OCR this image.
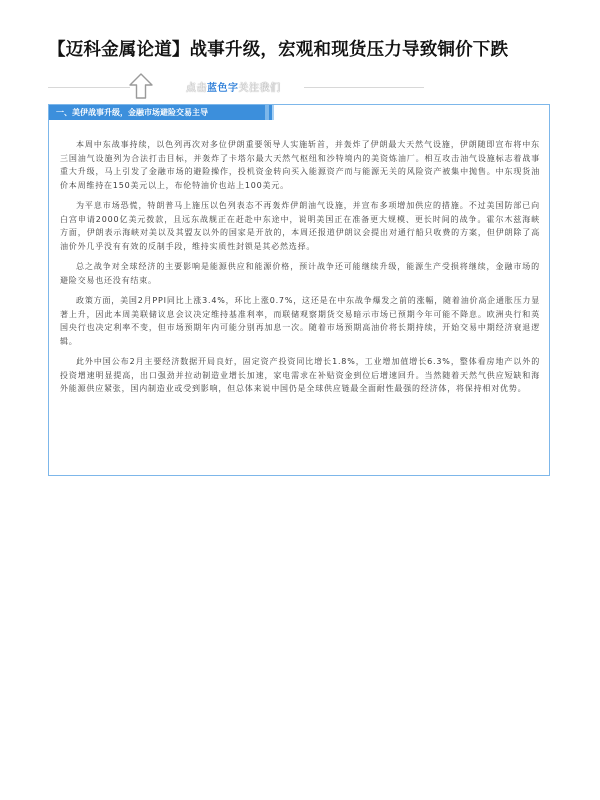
【迈科金属论道】战事升级，宏观和现货压力导致铜价下跌
点击蓝色字关注我们
一、美伊战事升级，金融市场避险交易主导

本周中东战事持续，以色列再次对多位伊朗重要领导人实施斩首，并轰炸了伊朗最大天然气设施，伊朗随即宣布将中东三国油气设施列为合法打击目标，并轰炸了卡塔尔最大天然气枢纽和沙特境内的美资炼油厂。相互攻击油气设施标志着战事重大升级，马上引发了金融市场的避险操作，投机资金转向买入能源资产而与能源无关的风险资产被集中抛售。中东现货油价本周维持在150美元以上，布伦特油价也站上100美元。

为平息市场恐慌，特朗普马上施压以色列表态不再轰炸伊朗油气设施，并宣布多项增加供应的措施。不过美国防部已向白宫申请2000亿美元拨款，且远东战舰正在赶赴中东途中，说明美国正在准备更大规模、更长时间的战争。霍尔木兹海峡方面，伊朗表示海峡对美以及其盟友以外的国家是开放的，本周还报道伊朗议会提出对通行船只收费的方案，但伊朗除了高油价外几乎没有有效的反制手段，维持实质性封锁是其必然选择。

总之战争对全球经济的主要影响是能源供应和能源价格，预计战争还可能继续升级，能源生产受损将继续，金融市场的避险交易也还没有结束。

政策方面，美国2月PPI同比上涨3.4%，环比上涨0.7%，这还是在中东战争爆发之前的涨幅，随着油价高企通胀压力显著上升，因此本周美联储议息会议决定维持基准利率，而联储观察期货交易暗示市场已预期今年可能不降息。欧洲央行和英国央行也决定利率不变，但市场预期年内可能分别再加息一次。随着市场预期高油价将长期持续，开始交易中期经济衰退逻辑。

此外中国公布2月主要经济数据开局良好，固定资产投资同比增长1.8%，工业增加值增长6.3%，整体看房地产以外的投资增速明显提高，出口强劲并拉动制造业增长加速，家电需求在补贴资金到位后增速回升。当然随着天然气供应短缺和海外能源供应紧张，国内制造业或受到影响，但总体来说中国仍是全球供应链最全面耐性最强的经济体，将保持相对优势。
